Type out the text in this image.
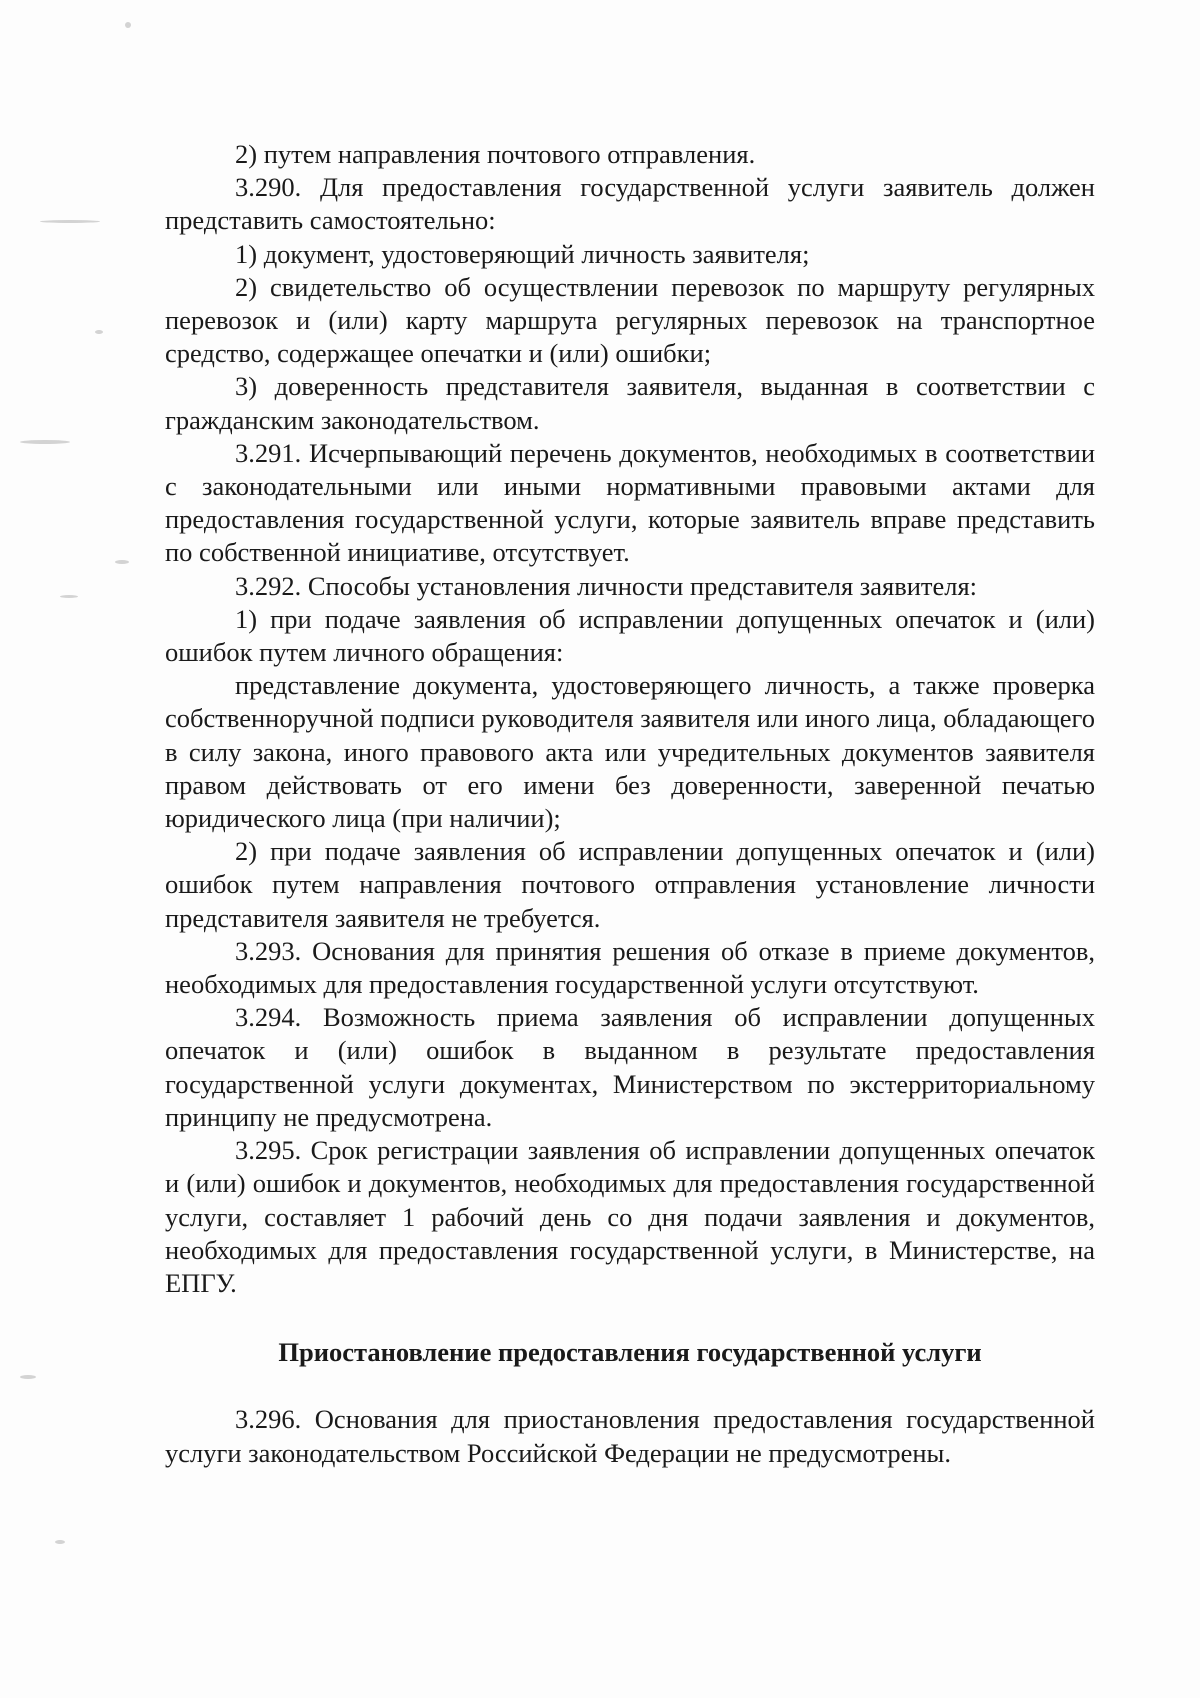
2) путем направления почтового отправления.

3.290. Для предоставления государственной услуги заявитель должен представить самостоятельно:

1) документ, удостоверяющий личность заявителя;

2) свидетельство об осуществлении перевозок по маршруту регулярных перевозок и (или) карту маршрута регулярных перевозок на транспортное средство, содержащее опечатки и (или) ошибки;

3) доверенность представителя заявителя, выданная в соответствии с гражданским законодательством.

3.291. Исчерпывающий перечень документов, необходимых в соответствии с законодательными или иными нормативными правовыми актами для предоставления государственной услуги, которые заявитель вправе представить по собственной инициативе, отсутствует.

3.292. Способы установления личности представителя заявителя:

1) при подаче заявления об исправлении допущенных опечаток и (или) ошибок путем личного обращения:

представление документа, удостоверяющего личность, а также проверка собственноручной подписи руководителя заявителя или иного лица, обладающего в силу закона, иного правового акта или учредительных документов заявителя правом действовать от его имени без доверенности, заверенной печатью юридического лица (при наличии);

2) при подаче заявления об исправлении допущенных опечаток и (или) ошибок путем направления почтового отправления установление личности представителя заявителя не требуется.

3.293. Основания для принятия решения об отказе в приеме документов, необходимых для предоставления государственной услуги отсутствуют.

3.294. Возможность приема заявления об исправлении допущенных опечаток и (или) ошибок в выданном в результате предоставления государственной услуги документах, Министерством по экстерриториальному принципу не предусмотрена.

3.295. Срок регистрации заявления об исправлении допущенных опечаток и (или) ошибок и документов, необходимых для предоставления государственной услуги, составляет 1 рабочий день со дня подачи заявления и документов, необходимых для предоставления государственной услуги, в Министерстве, на ЕПГУ.

Приостановление предоставления государственной услуги

3.296. Основания для приостановления предоставления государственной услуги законодательством Российской Федерации не предусмотрены.
